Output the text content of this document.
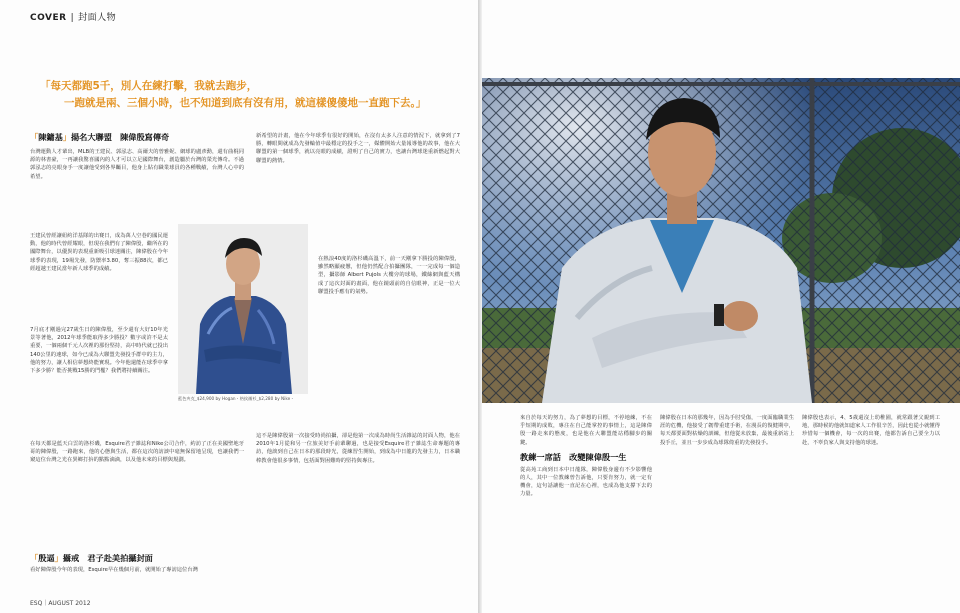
COVER | 封面人物
「每天都跑5千，別人在練打擊，我就去跑步，
一跑就是兩、三個小時，也不知道到底有沒有用，就這樣傻傻地一直跑下去。」
「陳鏞基」揚名大聯盟　陳偉殷寫傳奇

台灣運動人才輩出，MLB的王建民、郭泓志、高爾夫的曾雅妮、網球的盧彥勳，還有曲棍同源的林書豪，一再讓我驚喜國內的人才可以立足國際舞台，創造屬於台灣的榮光傳奇。不過郭泓志的亮眼身手一度讓他受到各界矚目，他身上貼有職業球員的各種戰績，台灣人心中的希望。

王建民曾經讓紐約洋基隊的出賽日，成為萬人空巷的國民運動，他的時代曾經耀眼，但現在我們有了陳偉殷，繼所在的國際舞台，以優異的表現重新吸引球迷關注，陳偉殷在今年球季的表現，19場先發，防禦率3.80，奪三振88次，都已經超越王建民當年新人球季的成績。

7月底才剛過完27歲生日的陳偉殷，至少還有大好10年光景等著他，2012年球季能取得多少勝投？數字或許不是太重要，一個兩個千元人次裡的那份堅持，高中時代就已投出140公里的速球，如今已成為大聯盟先發投手群中的主力，他的努力，讓人相信夢想終能實現。今年他還能在球季中拿下多少勝？能否挑戰15勝的門檻？我們將持續關注。

在每天都是藍天白雲的洛杉磯，Esquire君子雜誌和Nike公司合作，約訪了正在美國聖地牙哥的陳偉殷，一路跑來，他的心態與生活，都在這次的訪談中毫無保留地呈現，也讓我們一窺這位台灣之光在異鄉打拚的點點滴滴，以及他未來的目標與規劃。

「殷逼」攝戒　君子赴美拍攝封面

看好陳偉殷今年的表現，Esquire早在幾個月前，就開始了專訪這位台灣

藍色夾克_$24,900 by Hogan・格紋襯衫_$2,280 by Nike・

新希望的計畫，他在今年球季有很好的開始，在沒有太多人注意的情況下，就拿到了7勝，轉眼間就成為先發輪值中最穩定的投手之一，媒體開始大量報導他的故事，他在大聯盟的第一個球季，就以亮眼的成績，證明了自己的實力，也讓台灣球迷重新燃起對大聯盟的熱情。

在熱浪40度的洛杉磯高溫下，前一天剛拿下勝投的陳偉殷，雖然略顯疲憊，但他仍然配合拍攝團隊，一一完成每一個造型，攝影師 Albert Pujols 大樓旁的球場，鐵絲網與藍天構成了這次封面的畫面，他在鏡頭前的自信眼神，正是一位大聯盟投手應有的氣勢。

這不是陳偉殷第一次接受時尚拍攝，卻是他第一次成為時尚生活雜誌的封面人物，他在2010年1月從和另一位旅美好手前輩聊過，也是接受Esquire君子雜誌生命專題的專訪，他談到自己在日本的那段時光，從練習生開始，到成為中日龍的先發主力，日本職棒教會他很多事情，包括面對困難時的堅持與專注。

ESQ｜AUGUST 2012

來自於每天的努力，為了夢想的目標，不停地練，不在乎短期的成敗，專注在自己能掌控的事情上，這是陳偉殷一路走來的態度，也是他在大聯盟能站穩腳步的關鍵。

教練一席話　改變陳偉殷一生

從高苑工商到日本中日龍隊，陳偉殷身邊有不少影響他的人，其中一位教練曾告訴他，只要肯努力，就一定有機會，這句話讓他一直記在心裡，也成為他支撐下去的力量。

陳偉殷在日本的那幾年，因為手肘受傷，一度面臨職業生涯的危機，他接受了韌帶重建手術，在漫長的復健期中，每天都要面對枯燥的訓練，但他從未放棄，最後重新站上投手丘，並且一步步成為球隊倚重的先發投手。

陳偉殷也表示，4、5歲還沒上幼稚園，就常跟著父親到工地，那時候的他就知道家人工作很辛苦，因此也從小就懂得珍惜每一個機會，每一次的出賽，他都告訴自己要全力以赴，不辜負家人與支持他的球迷。
